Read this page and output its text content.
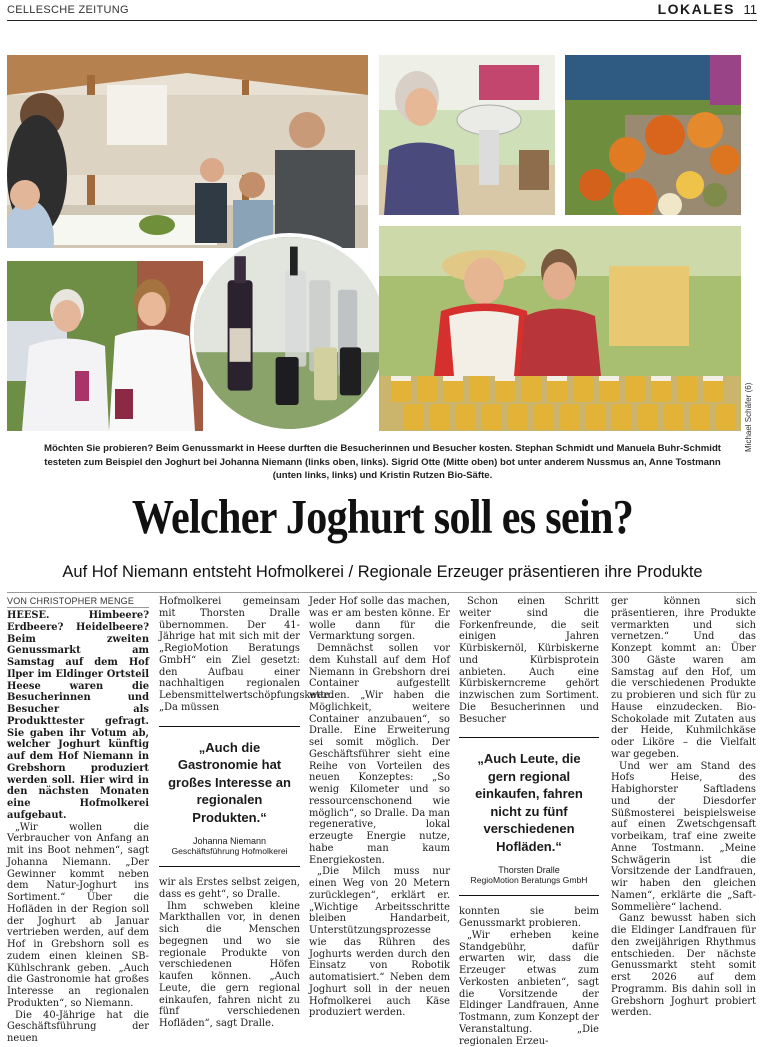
CELLESCHE ZEITUNG	LOKALES 11
Michael Schäfer (6)
Möchten Sie probieren? Beim Genussmarkt in Heese durften die Besucherinnen und Besucher kosten. Stephan Schmidt und Manuela Buhr-Schmidt testeten zum Beispiel den Joghurt bei Johanna Niemann (links oben, links). Sigrid Otte (Mitte oben) bot unter anderem Nussmus an, Anne Tostmann (unten links, links) und Kristin Rutzen Bio-Säfte.
Welcher Joghurt soll es sein?
Auf Hof Niemann entsteht Hofmolkerei / Regionale Erzeuger präsentieren ihre Produkte
VON CHRISTOPHER MENGE

HEESE. Himbeere? Erdbeere? Heidelbeere? Beim zweiten Genussmarkt am Samstag auf dem Hof Ilper im Eldinger Ortsteil Heese waren die Besucherinnen und Besucher als Produkttester gefragt. Sie gaben ihr Votum ab, welcher Joghurt künftig auf dem Hof Niemann in Grebshorn produziert werden soll. Hier wird in den nächsten Monaten eine Hofmolkerei aufgebaut.

„Wir wollen die Verbraucher von Anfang an mit ins Boot nehmen“, sagt Johanna Niemann. „Der Gewinner kommt neben dem Natur-Joghurt ins Sortiment.“ Über die Hofläden in der Region soll der Joghurt ab Januar vertrieben werden, auf dem Hof in Grebshorn soll es zudem einen kleinen SB-Kühlschrank geben. „Auch die Gastronomie hat großes Interesse an regionalen Produkten“, so Niemann.

Die 40-Jährige hat die Geschäftsführung der neuen

Hofmolkerei gemeinsam mit Thorsten Dralle übernommen. Der 41-Jährige hat mit sich mit der „RegioMotion Beratungs GmbH“ ein Ziel gesetzt: den Aufbau einer nachhaltigen regionalen Lebensmittelwertschöpfungskette. „Da müssen

„Auch die Gastronomie hat großes Interesse an regionalen Produkten.“
Johanna Niemann
Geschäftsführung Hofmolkerei

wir als Erstes selbst zeigen, dass es geht“, so Dralle.

Ihm schweben kleine Markthallen vor, in denen sich die Menschen begegnen und wo sie regionale Produkte von verschiedenen Höfen kaufen können. „Auch Leute, die gern regional einkaufen, fahren nicht zu fünf verschiedenen Hofläden“, sagt Dralle.

Jeder Hof solle das machen, was er am besten könne. Er wolle dann für die Vermarktung sorgen.

Demnächst sollen vor dem Kuhstall auf dem Hof Niemann in Grebshorn drei Container aufgestellt werden. „Wir haben die Möglichkeit, weitere Container anzubauen“, so Dralle. Eine Erweiterung sei somit möglich. Der Geschäftsführer sieht eine Reihe von Vorteilen des neuen Konzeptes: „So wenig Kilometer und so ressourcenschonend wie möglich“, so Dralle. Da man regenerative, lokal erzeugte Energie nutze, habe man kaum Energiekosten.

„Die Milch muss nur einen Weg von 20 Metern zurücklegen“, erklärt er. „Wichtige Arbeitsschritte bleiben Handarbeit, Unterstützungsprozesse wie das Rühren des Joghurts werden durch den Einsatz von Robotik automatisiert.“ Neben dem Joghurt soll in der neuen Hofmolkerei auch Käse produziert werden.

Schon einen Schritt weiter sind die Forkenfreunde, die seit einigen Jahren Kürbiskernöl, Kürbiskerne und Kürbisprotein anbieten. Auch eine Kürbiskerncreme gehört inzwischen zum Sortiment. Die Besucherinnen und Besucher

„Auch Leute, die gern regional einkaufen, fahren nicht zu fünf verschiedenen Hofläden.“
Thorsten Dralle
RegioMotion Beratungs GmbH

konnten sie beim Genussmarkt probieren.

„Wir erheben keine Standgebühr, dafür erwarten wir, dass die Erzeuger etwas zum Verkosten anbieten“, sagt die Vorsitzende der Eldinger Landfrauen, Anne Tostmann, zum Konzept der Veranstaltung. „Die regionalen Erzeu-

ger können sich präsentieren, ihre Produkte vermarkten und sich vernetzen.“ Und das Konzept kommt an: Über 300 Gäste waren am Samstag auf den Hof, um die verschiedenen Produkte zu probieren und sich für zu Hause einzudecken. Bio-Schokolade mit Zutaten aus der Heide, Kuhmilchkäse oder Liköre – die Vielfalt war gegeben.

Und wer am Stand des Hofs Heise, des Habighorster Saftladens und der Diesdorfer Süßmosterei beispielsweise auf einen Zwetschgensaft vorbeikam, traf eine zweite Anne Tostmann. „Meine Schwägerin ist die Vorsitzende der Landfrauen, wir haben den gleichen Namen“, erklärte die „Saft-Sommelière“ lachend.

Ganz bewusst haben sich die Eldinger Landfrauen für den zweijährigen Rhythmus entschieden. Der nächste Genussmarkt steht somit erst 2026 auf dem Programm. Bis dahin soll in Grebshorn Joghurt probiert werden.
